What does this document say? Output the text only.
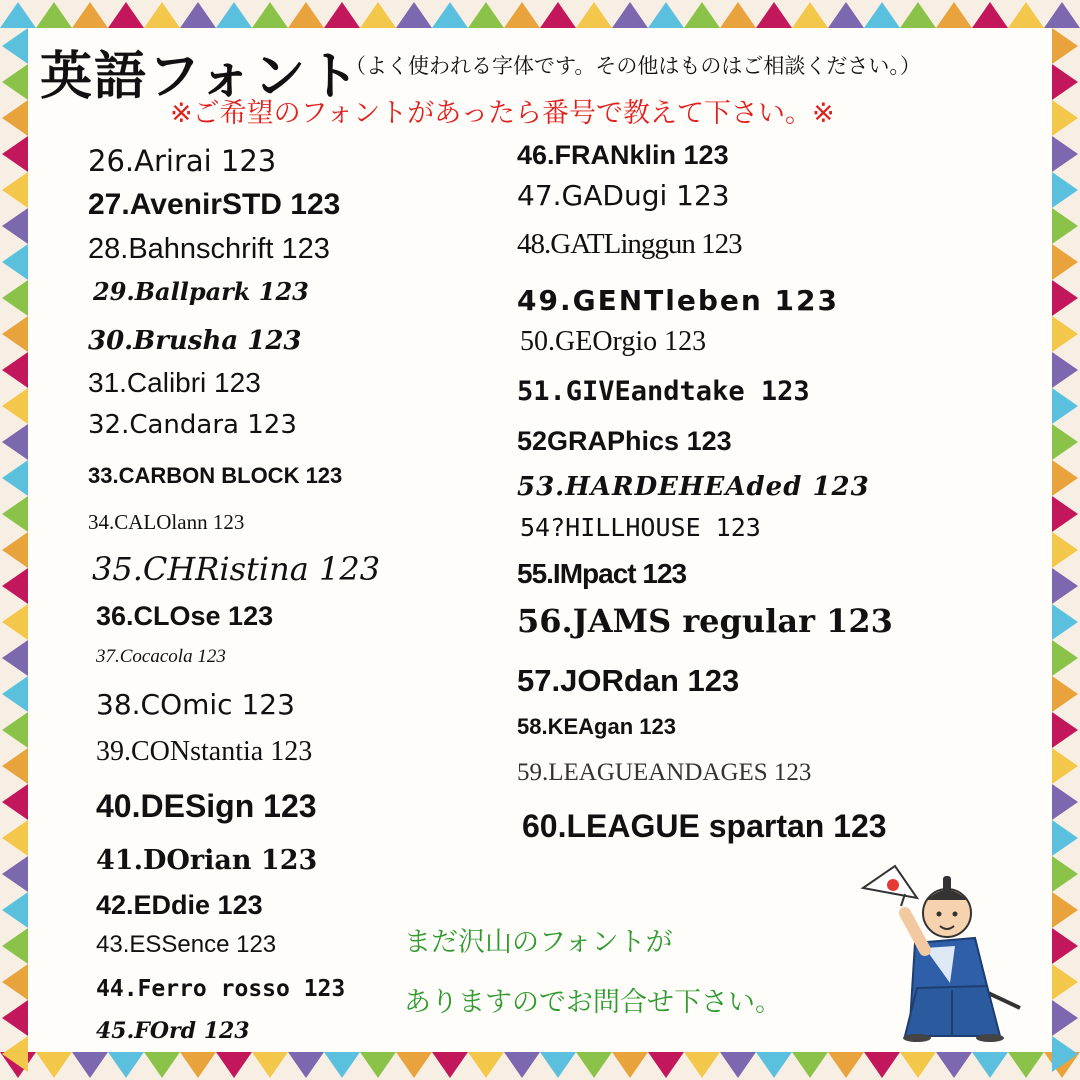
英語フォント
（よく使われる字体です。その他はものはご相談ください。）
※ご希望のフォントがあったら番号で教えて下さい。※
26.Arirai 123
27.AvenirSTD 123
28.Bahnschrift 123
29.Ballpark 123
30.Brusha 123
31.Calibri 123
32.Candara 123
33.CARBON BLOCK 123
34.CALOlann 123
35.CHRistina 123
36.CLOse 123
37.Cocacola 123
38.COmic 123
39.CONstantia 123
40.DESign 123
41.DOrian 123
42.EDdie 123
43.ESSence 123
44.Ferro rosso 123
45.FOrd 123
46.FRANklin 123
47.GADugi 123
48.GATLinggun 123
49.GENTleben 123
50.GEOrgio 123
51.GIVEandtake 123
52GRAPhics 123
53.HARDEHEAded 123
54?HILLHOUSE 123
55.IMpact 123
56.JAMS regular 123
57.JORdan 123
58.KEAgan 123
59.LEAGUEANDAGES 123
60.LEAGUE spartan 123
まだ沢山のフォントが
ありますのでお問合せ下さい。
